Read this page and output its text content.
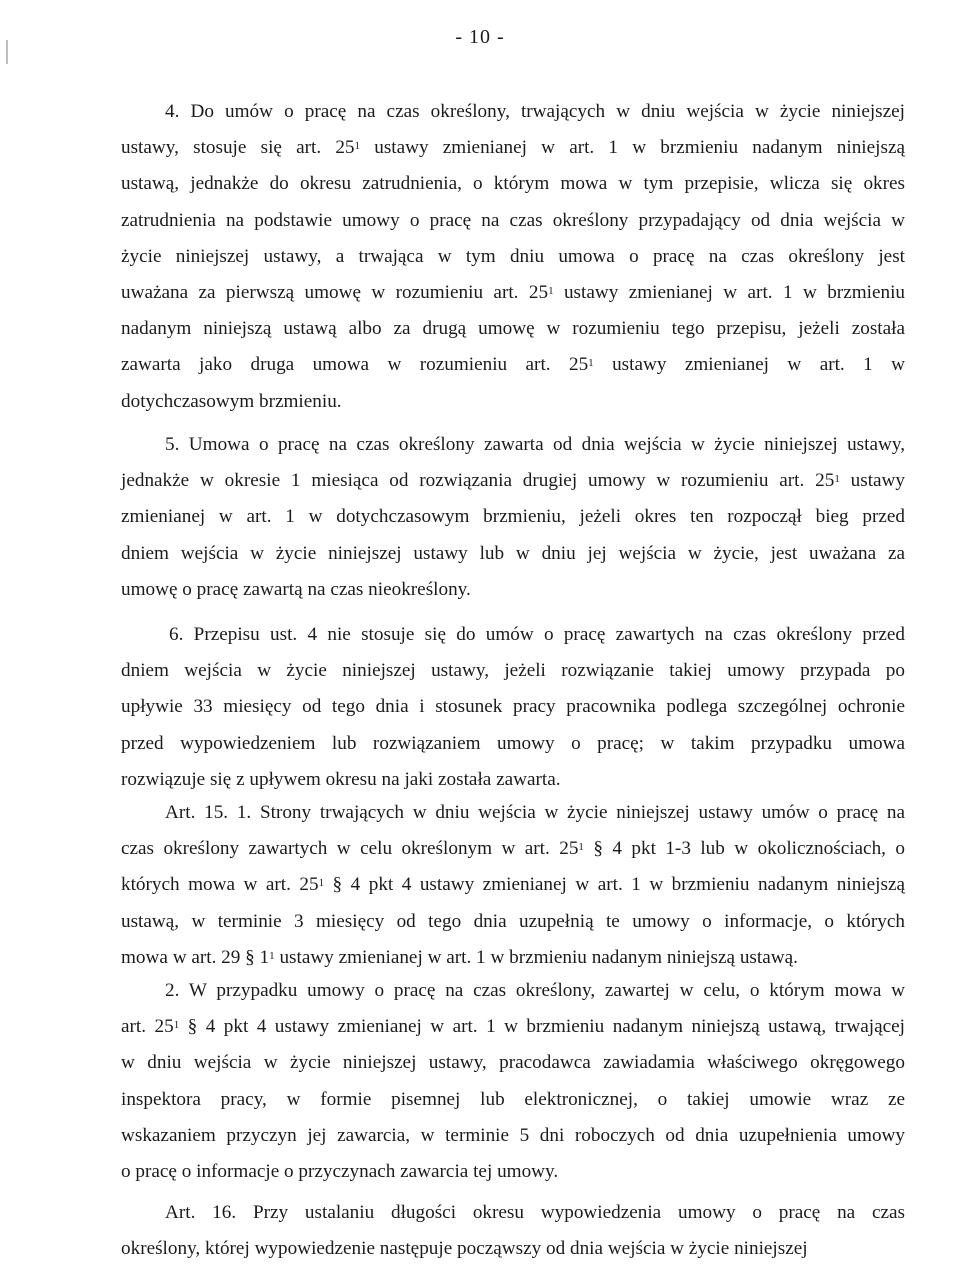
- 10 -
4. Do umów o pracę na czas określony, trwających w dniu wejścia w życie niniejszej
ustawy, stosuje się art. $25^1$ ustawy zmienianej w art. 1 w brzmieniu nadanym niniejszą
ustawą, jednakże do okresu zatrudnienia, o którym mowa w tym przepisie, wlicza się okres
zatrudnienia na podstawie umowy o pracę na czas określony przypadający od dnia wejścia w
życie niniejszej ustawy, a trwająca w tym dniu umowa o pracę na czas określony jest
uważana za pierwszą umowę w rozumieniu art. $25^1$ ustawy zmienianej w art. 1 w brzmieniu
nadanym niniejszą ustawą albo za drugą umowę w rozumieniu tego przepisu, jeżeli została
zawarta jako druga umowa w rozumieniu art. $25^1$ ustawy zmienianej w art. 1 w
dotychczasowym brzmieniu.
5. Umowa o pracę na czas określony zawarta od dnia wejścia w życie niniejszej ustawy,
jednakże w okresie 1 miesiąca od rozwiązania drugiej umowy w rozumieniu art. $25^1$ ustawy
zmienianej w art. 1 w dotychczasowym brzmieniu, jeżeli okres ten rozpoczął bieg przed
dniem wejścia w życie niniejszej ustawy lub w dniu jej wejścia w życie, jest uważana za
umowę o pracę zawartą na czas nieokreślony.
6. Przepisu ust. 4 nie stosuje się do umów o pracę zawartych na czas określony przed
dniem wejścia w życie niniejszej ustawy, jeżeli rozwiązanie takiej umowy przypada po
upływie 33 miesięcy od tego dnia i stosunek pracy pracownika podlega szczególnej ochronie
przed wypowiedzeniem lub rozwiązaniem umowy o pracę; w takim przypadku umowa
rozwiązuje się z upływem okresu na jaki została zawarta.
Art. 15. 1. Strony trwających w dniu wejścia w życie niniejszej ustawy umów o pracę na
czas określony zawartych w celu określonym w art. $25^1$ § 4 pkt 1-3 lub w okolicznościach, o
których mowa w art. $25^1$ § 4 pkt 4 ustawy zmienianej w art. 1 w brzmieniu nadanym niniejszą
ustawą, w terminie 3 miesięcy od tego dnia uzupełnią te umowy o informacje, o których
mowa w art. 29 § $1^1$ ustawy zmienianej w art. 1 w brzmieniu nadanym niniejszą ustawą.
2. W przypadku umowy o pracę na czas określony, zawartej w celu, o którym mowa w
art. $25^1$ § 4 pkt 4 ustawy zmienianej w art. 1 w brzmieniu nadanym niniejszą ustawą, trwającej
w dniu wejścia w życie niniejszej ustawy, pracodawca zawiadamia właściwego okręgowego
inspektora pracy, w formie pisemnej lub elektronicznej, o takiej umowie wraz ze
wskazaniem przyczyn jej zawarcia, w terminie 5 dni roboczych od dnia uzupełnienia umowy
o pracę o informacje o przyczynach zawarcia tej umowy.
Art. 16. Przy ustalaniu długości okresu wypowiedzenia umowy o pracę na czas
określony, której wypowiedzenie następuje począwszy od dnia wejścia w życie niniejszej
